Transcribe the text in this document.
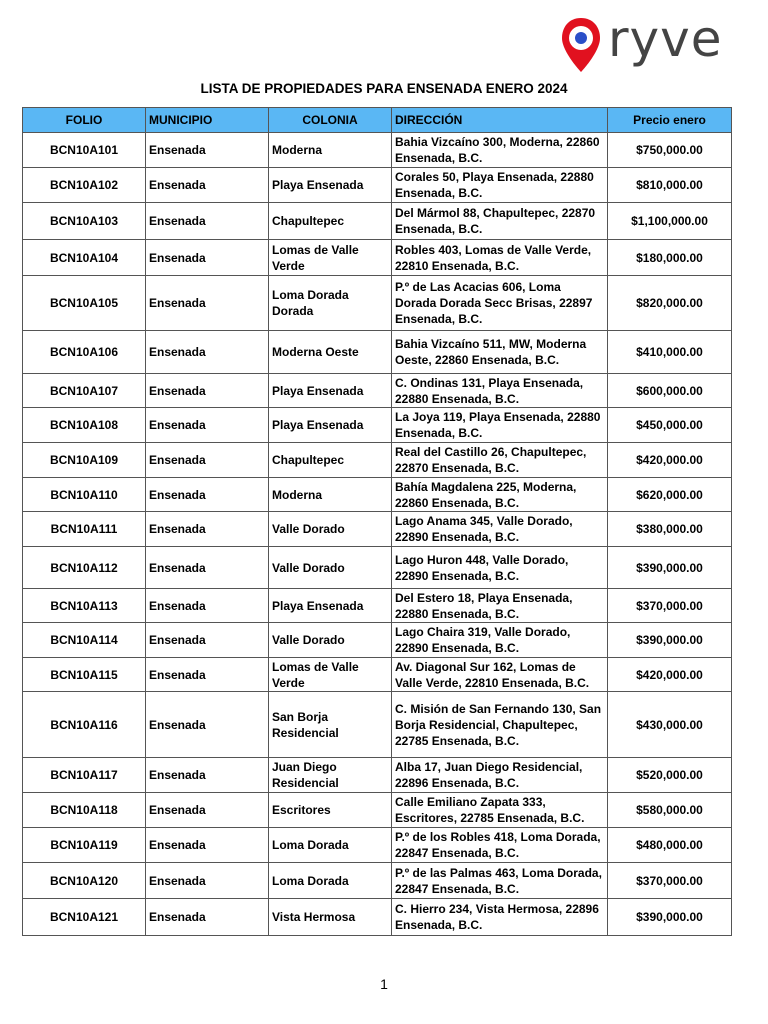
ryve
LISTA DE PROPIEDADES PARA ENSENADA ENERO 2024
FOLIO	MUNICIPIO	COLONIA	DIRECCIÓN	Precio enero
BCN10A101	Ensenada	Moderna	Bahia Vizcaíno 300, Moderna, 22860 Ensenada, B.C.	$750,000.00
BCN10A102	Ensenada	Playa Ensenada	Corales 50, Playa Ensenada, 22880 Ensenada, B.C.	$810,000.00
BCN10A103	Ensenada	Chapultepec	Del Mármol 88, Chapultepec, 22870 Ensenada, B.C.	$1,100,000.00
BCN10A104	Ensenada	Lomas de Valle Verde	Robles 403, Lomas de Valle Verde, 22810 Ensenada, B.C.	$180,000.00
BCN10A105	Ensenada	Loma Dorada Dorada	P.º de Las Acacias 606, Loma Dorada Dorada Secc Brisas, 22897 Ensenada, B.C.	$820,000.00
BCN10A106	Ensenada	Moderna Oeste	Bahia Vizcaíno 511, MW, Moderna Oeste, 22860 Ensenada, B.C.	$410,000.00
BCN10A107	Ensenada	Playa Ensenada	C. Ondinas 131, Playa Ensenada, 22880 Ensenada, B.C.	$600,000.00
BCN10A108	Ensenada	Playa Ensenada	La Joya 119, Playa Ensenada, 22880 Ensenada, B.C.	$450,000.00
BCN10A109	Ensenada	Chapultepec	Real del Castillo 26, Chapultepec, 22870 Ensenada, B.C.	$420,000.00
BCN10A110	Ensenada	Moderna	Bahía Magdalena 225, Moderna, 22860 Ensenada, B.C.	$620,000.00
BCN10A111	Ensenada	Valle Dorado	Lago Anama 345, Valle Dorado, 22890 Ensenada, B.C.	$380,000.00
BCN10A112	Ensenada	Valle Dorado	Lago Huron 448, Valle Dorado, 22890 Ensenada, B.C.	$390,000.00
BCN10A113	Ensenada	Playa Ensenada	Del Estero 18, Playa Ensenada, 22880 Ensenada, B.C.	$370,000.00
BCN10A114	Ensenada	Valle Dorado	Lago Chaira 319, Valle Dorado, 22890 Ensenada, B.C.	$390,000.00
BCN10A115	Ensenada	Lomas de Valle Verde	Av. Diagonal Sur 162, Lomas de Valle Verde, 22810 Ensenada, B.C.	$420,000.00
BCN10A116	Ensenada	San Borja Residencial	C. Misión de San Fernando 130, San Borja Residencial, Chapultepec, 22785 Ensenada, B.C.	$430,000.00
BCN10A117	Ensenada	Juan Diego Residencial	Alba 17, Juan Diego Residencial, 22896 Ensenada, B.C.	$520,000.00
BCN10A118	Ensenada	Escritores	Calle Emiliano Zapata 333, Escritores, 22785 Ensenada, B.C.	$580,000.00
BCN10A119	Ensenada	Loma Dorada	P.º de los Robles 418, Loma Dorada, 22847 Ensenada, B.C.	$480,000.00
BCN10A120	Ensenada	Loma Dorada	P.º de las Palmas 463, Loma Dorada, 22847 Ensenada, B.C.	$370,000.00
BCN10A121	Ensenada	Vista Hermosa	C. Hierro 234, Vista Hermosa, 22896 Ensenada, B.C.	$390,000.00
1
